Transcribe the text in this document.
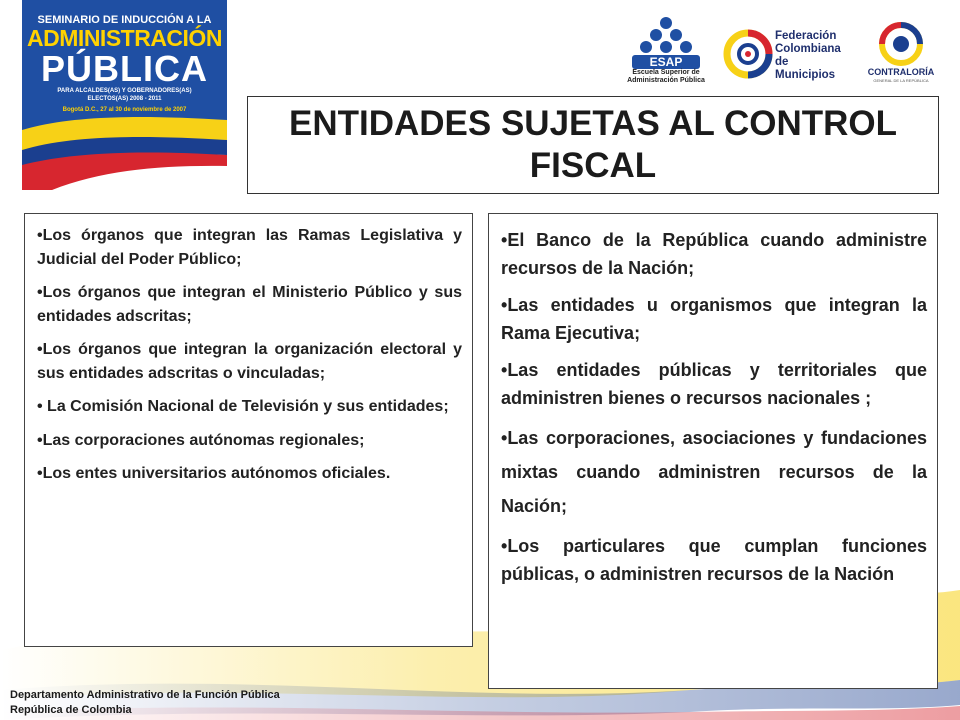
SEMINARIO DE INDUCCIÓN A LA
ADMINISTRACIÓN
PÚBLICA
PARA ALCALDES(AS) Y GOBERNADORES(AS)
ELECTOS(AS) 2008 - 2011
Bogotá D.C., 27 al 30 de noviembre de 2007
ESAP
Escuela Superior de
Administración Pública
Federación
Colombiana
de Municipios	CONTRALORÍA
GENERAL DE LA REPÚBLICA
ENTIDADES SUJETAS AL CONTROL FISCAL
•Los órganos que integran las Ramas Legislativa y Judicial del Poder Público;
•Los órganos que integran el Ministerio Público y sus entidades adscritas;
•Los órganos que integran la organización electoral y sus entidades adscritas o vinculadas;
• La Comisión Nacional de Televisión y sus entidades;
•Las corporaciones autónomas regionales;
•Los entes universitarios autónomos oficiales.
•El Banco de la República cuando administre recursos de la Nación;
•Las entidades u organismos que integran la Rama Ejecutiva;
•Las entidades públicas y territoriales que administren bienes o recursos nacionales ;
•Las corporaciones, asociaciones y fundaciones mixtas cuando administren recursos de la Nación;
•Los particulares que cumplan funciones públicas, o administren recursos de la Nación
Departamento Administrativo de la Función Pública
República de Colombia
